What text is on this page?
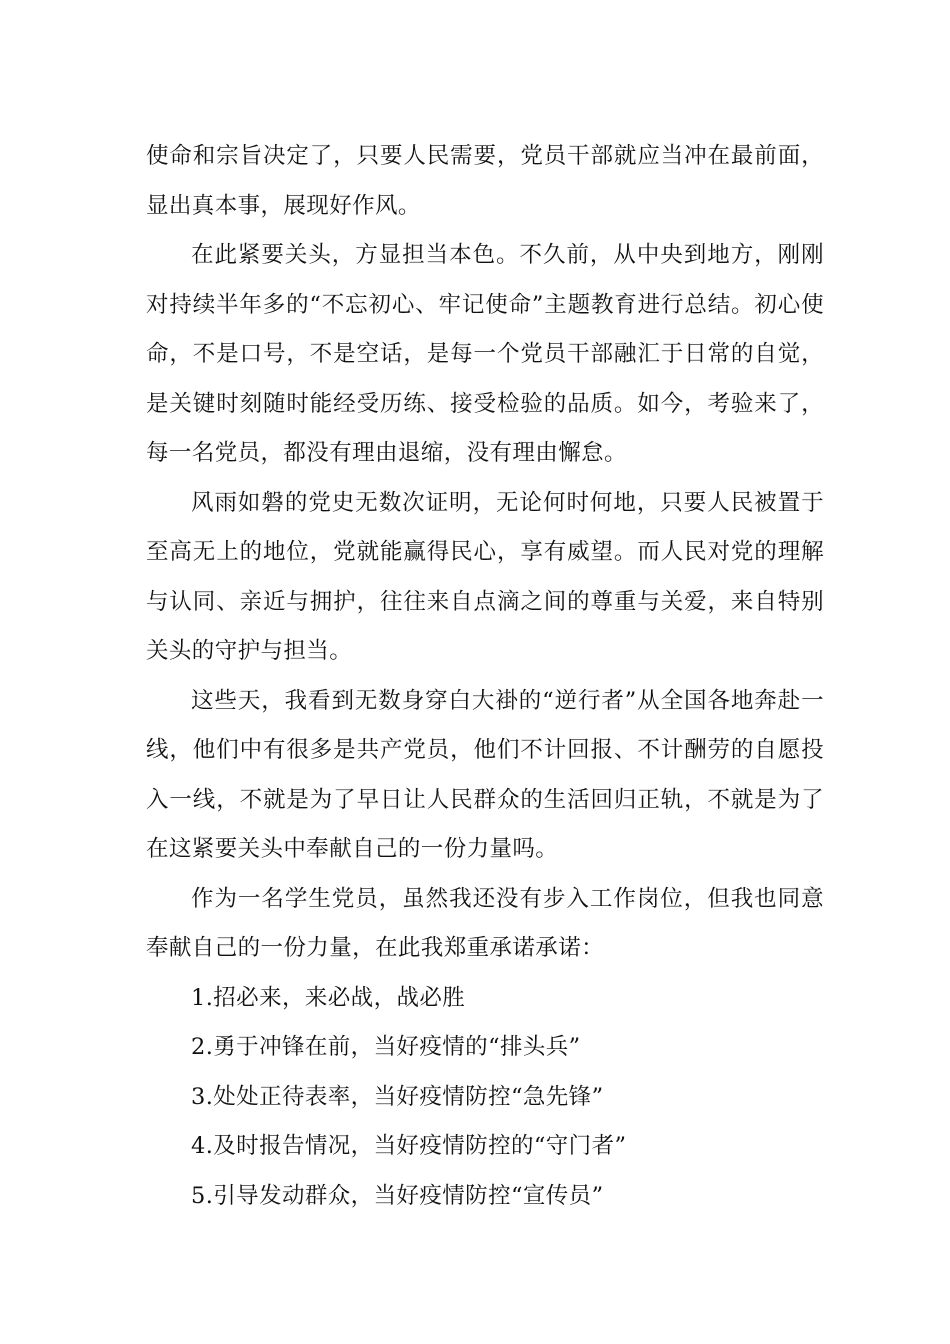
使命和宗旨决定了，只要人民需要，党员干部就应当冲在最前面，显出真本事，展现好作风。

在此紧要关头，方显担当本色。不久前，从中央到地方，刚刚对持续半年多的“不忘初心、牢记使命”主题教育进行总结。初心使命，不是口号，不是空话，是每一个党员干部融汇于日常的自觉，是关键时刻随时能经受历练、接受检验的品质。如今，考验来了，每一名党员，都没有理由退缩，没有理由懈怠。

风雨如磐的党史无数次证明，无论何时何地，只要人民被置于至高无上的地位，党就能赢得民心，享有威望。而人民对党的理解与认同、亲近与拥护，往往来自点滴之间的尊重与关爱，来自特别关头的守护与担当。

这些天，我看到无数身穿白大褂的“逆行者”从全国各地奔赴一线，他们中有很多是共产党员，他们不计回报、不计酬劳的自愿投入一线，不就是为了早日让人民群众的生活回归正轨，不就是为了在这紧要关头中奉献自己的一份力量吗。

作为一名学生党员，虽然我还没有步入工作岗位，但我也同意奉献自己的一份力量，在此我郑重承诺承诺：

1.招必来，来必战，战必胜

2.勇于冲锋在前，当好疫情的“排头兵”

3.处处正待表率，当好疫情防控“急先锋”

4.及时报告情况，当好疫情防控的“守门者”

5.引导发动群众，当好疫情防控“宣传员”
